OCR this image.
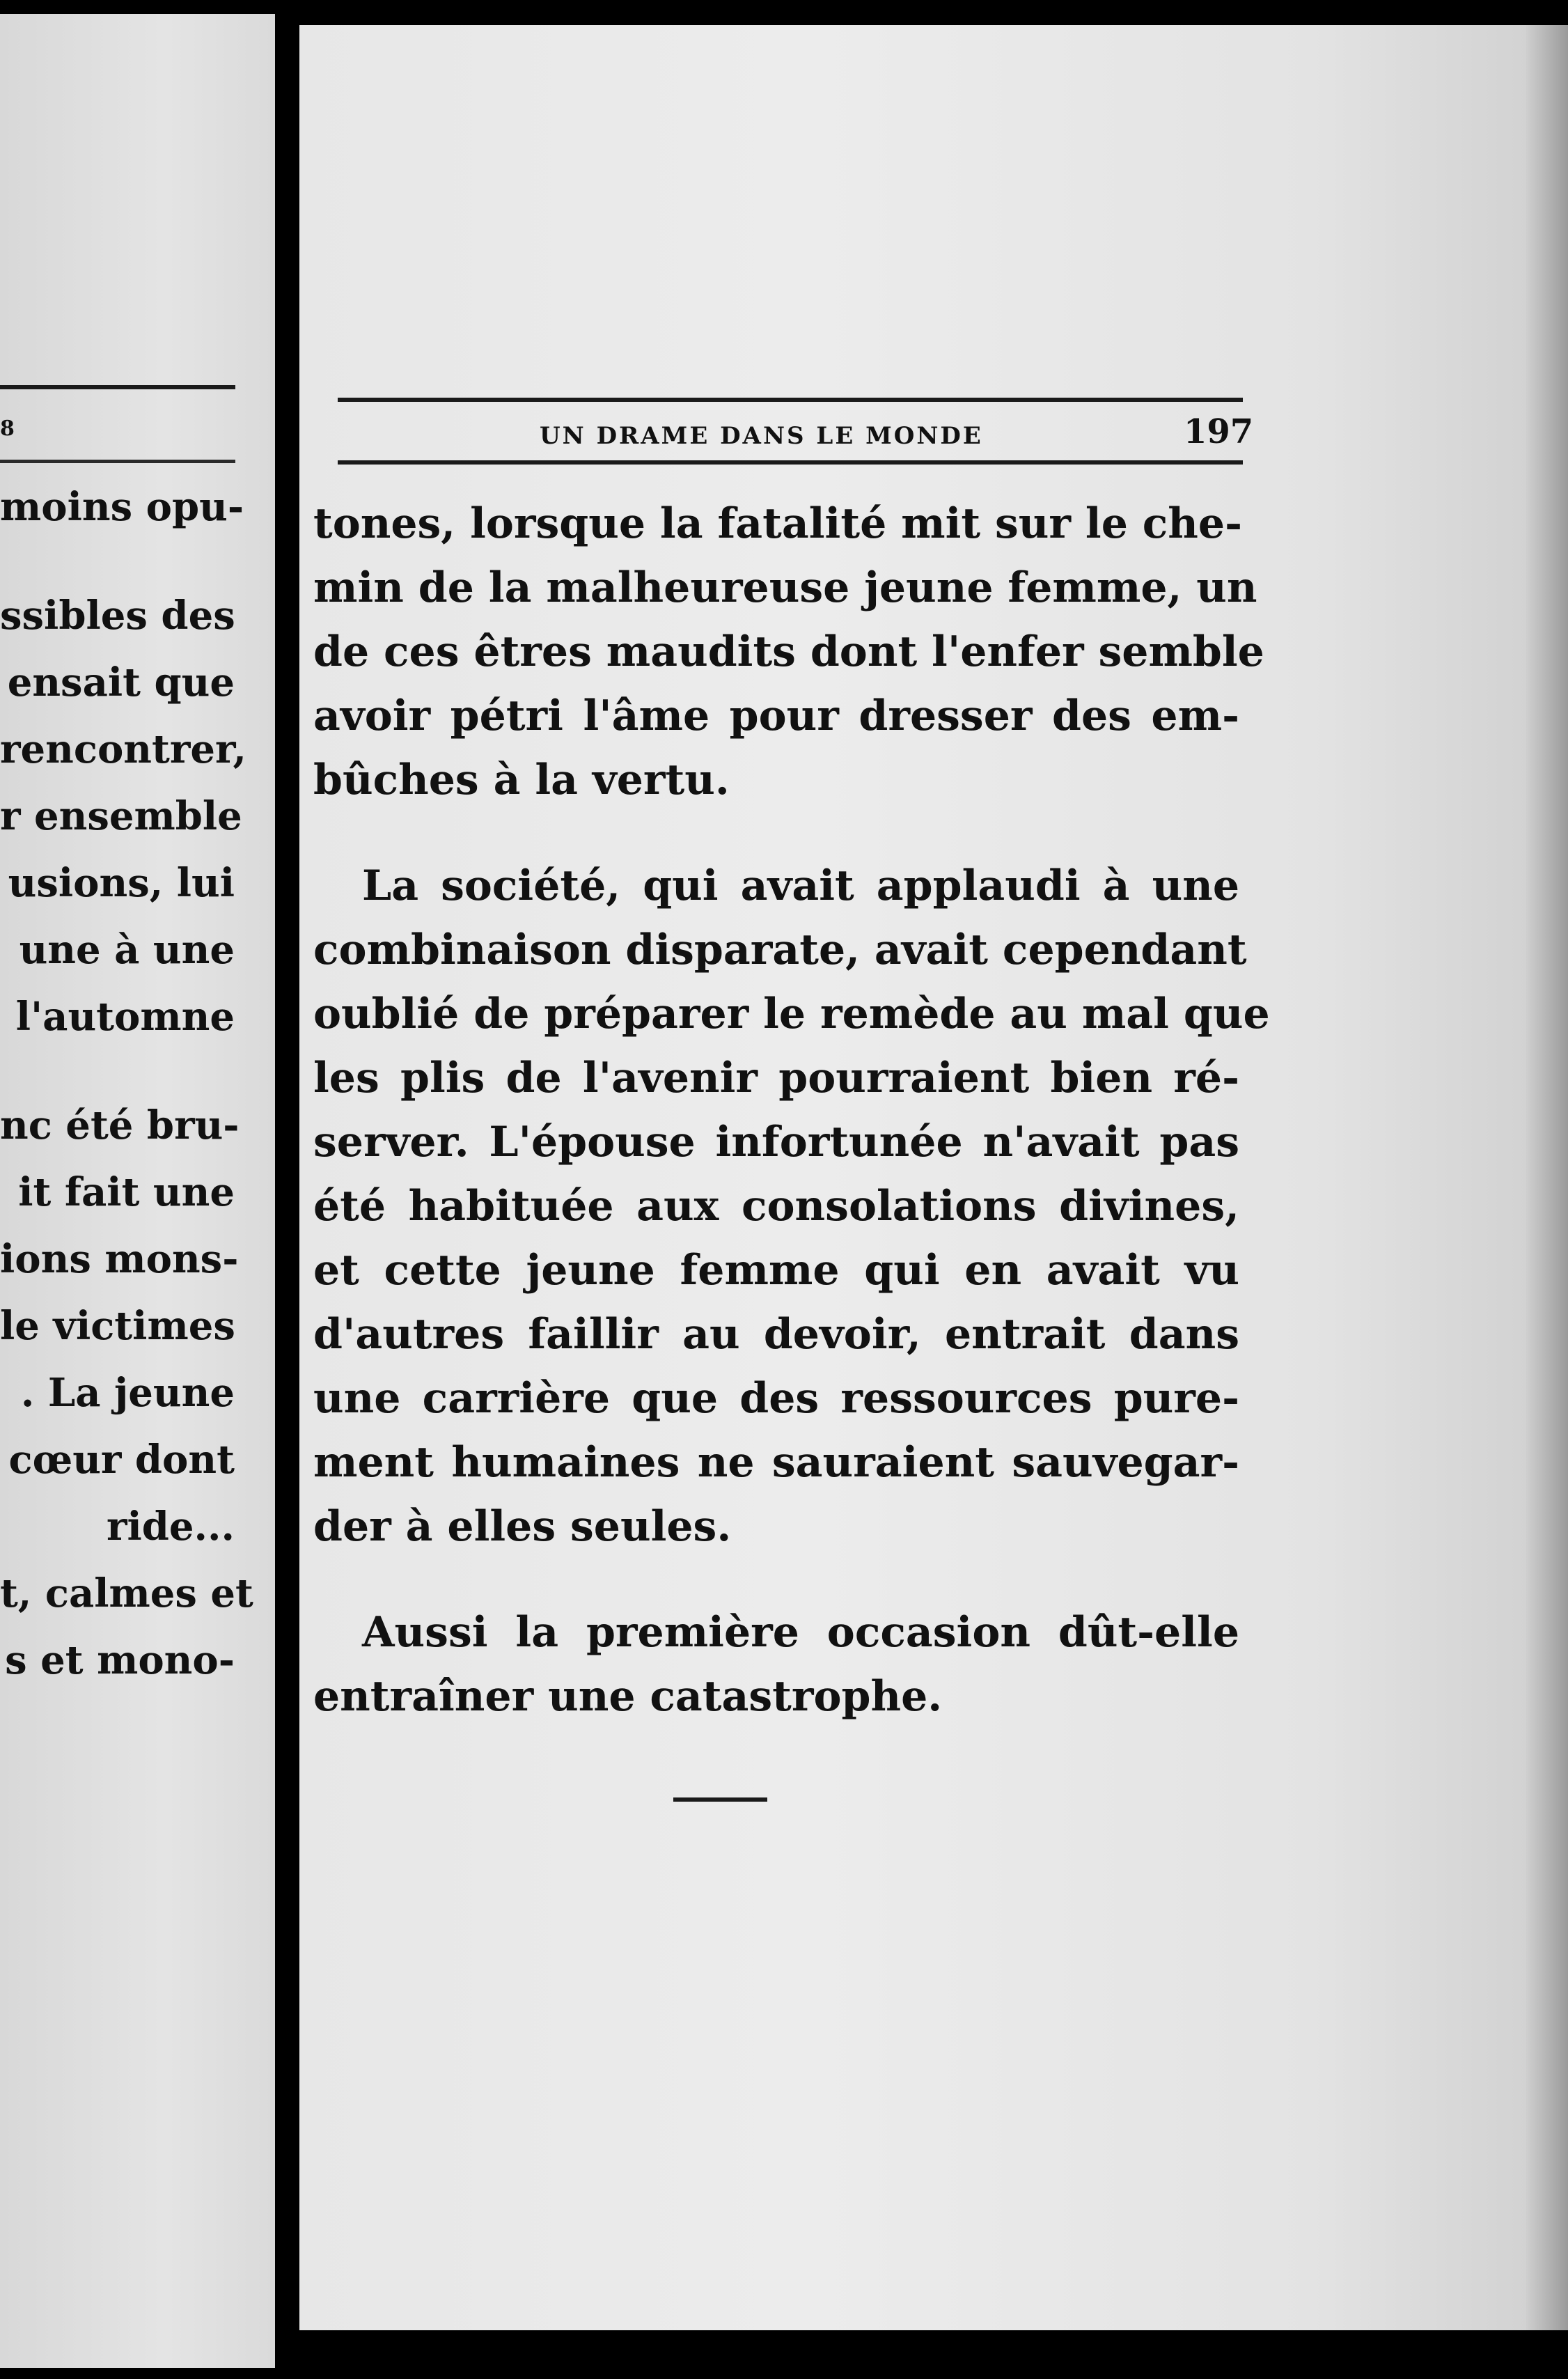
8
moins opu-
ssibles des
ensait que
rencontrer,
r ensemble
usions, lui
une à une
l'automne
nc été bru-
it fait une
ions mons-
le victimes
. La jeune
cœur dont
ride...
t, calmes et
s et mono-
UN DRAME DANS LE MONDE	197
tones, lorsque la fatalité mit sur le che-
min de la malheureuse jeune femme, un
de ces êtres maudits dont l'enfer semble
avoir pétri l'âme pour dresser des em-
bûches à la vertu.
La société, qui avait applaudi à une
combinaison disparate, avait cependant
oublié de préparer le remède au mal que
les plis de l'avenir pourraient bien ré-
server. L'épouse infortunée n'avait pas
été habituée aux consolations divines,
et cette jeune femme qui en avait vu
d'autres faillir au devoir, entrait dans
une carrière que des ressources pure-
ment humaines ne sauraient sauvegar-
der à elles seules.
Aussi la première occasion dût-elle
entraîner une catastrophe.
